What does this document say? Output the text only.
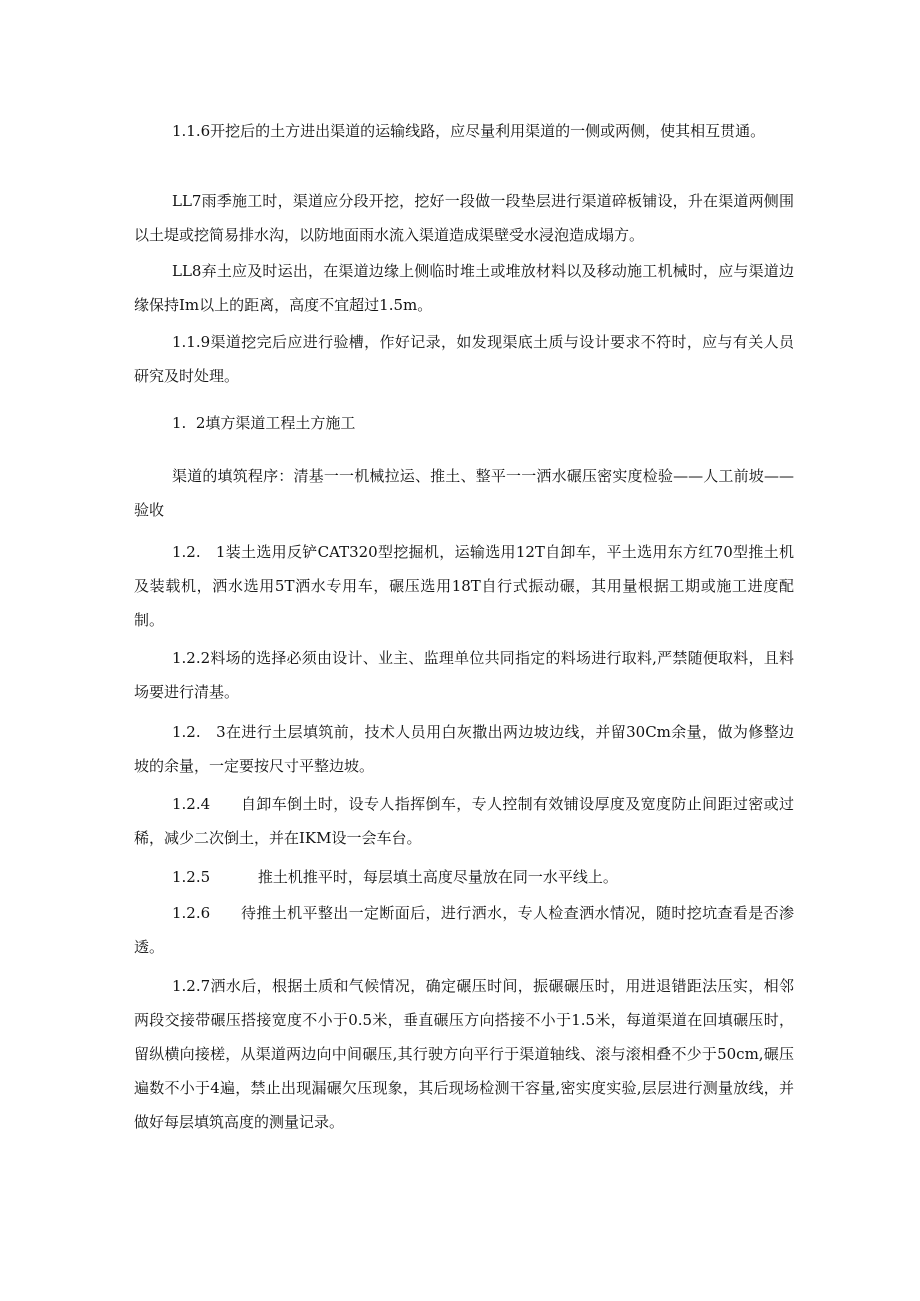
1.1.6开挖后的土方进出渠道的运输线路，应尽量利用渠道的一侧或两侧，使其相互贯通。

LL7雨季施工时，渠道应分段开挖，挖好一段做一段垫层进行渠道碎板铺设，升在渠道两侧围以土堤或挖简易排水沟，以防地面雨水流入渠道造成渠壁受水浸泡造成塌方。

LL8弃土应及时运出，在渠道边缘上侧临时堆土或堆放材料以及移动施工机械时，应与渠道边缘保持Im以上的距离，高度不宜超过1.5m。

1.1.9渠道挖完后应进行验槽，作好记录，如发现渠底土质与设计要求不符时，应与有关人员研究及时处理。

1.  2填方渠道工程土方施工

渠道的填筑程序：清基一一机械拉运、推土、整平一一洒水碾压密实度检验——人工前坡——验收

1.2.   1装土选用反铲CAT320型挖掘机，运输选用12T自卸车，平土选用东方红70型推土机及装载机，洒水选用5T洒水专用车，碾压选用18T自行式振动碾，其用量根据工期或施工进度配制。

1.2.2料场的选择必须由设计、业主、监理单位共同指定的料场进行取料,严禁随便取料，且料场要进行清基。

1.2.   3在进行土层填筑前，技术人员用白灰撒出两边坡边线，并留30Cm余量，做为修整边坡的余量，一定要按尺寸平整边坡。

1.2.4      自卸车倒土时，设专人指挥倒车，专人控制有效铺设厚度及宽度防止间距过密或过稀，减少二次倒土，并在IKM设一会车台。

1.2.5          推土机推平时，每层填土高度尽量放在同一水平线上。

1.2.6      待推土机平整出一定断面后，进行洒水，专人检查洒水情况，随时挖坑查看是否渗透。

1.2.7洒水后，根据土质和气候情况，确定碾压时间，振碾碾压时，用进退错距法压实，相邻两段交接带碾压搭接宽度不小于0.5米，垂直碾压方向搭接不小于1.5米，每道渠道在回填碾压时，留纵横向接槎，从渠道两边向中间碾压,其行驶方向平行于渠道轴线、滚与滚相叠不少于50cm,碾压遍数不小于4遍，禁止出现漏碾欠压现象，其后现场检测干容量,密实度实验,层层进行测量放线，并做好每层填筑高度的测量记录。
